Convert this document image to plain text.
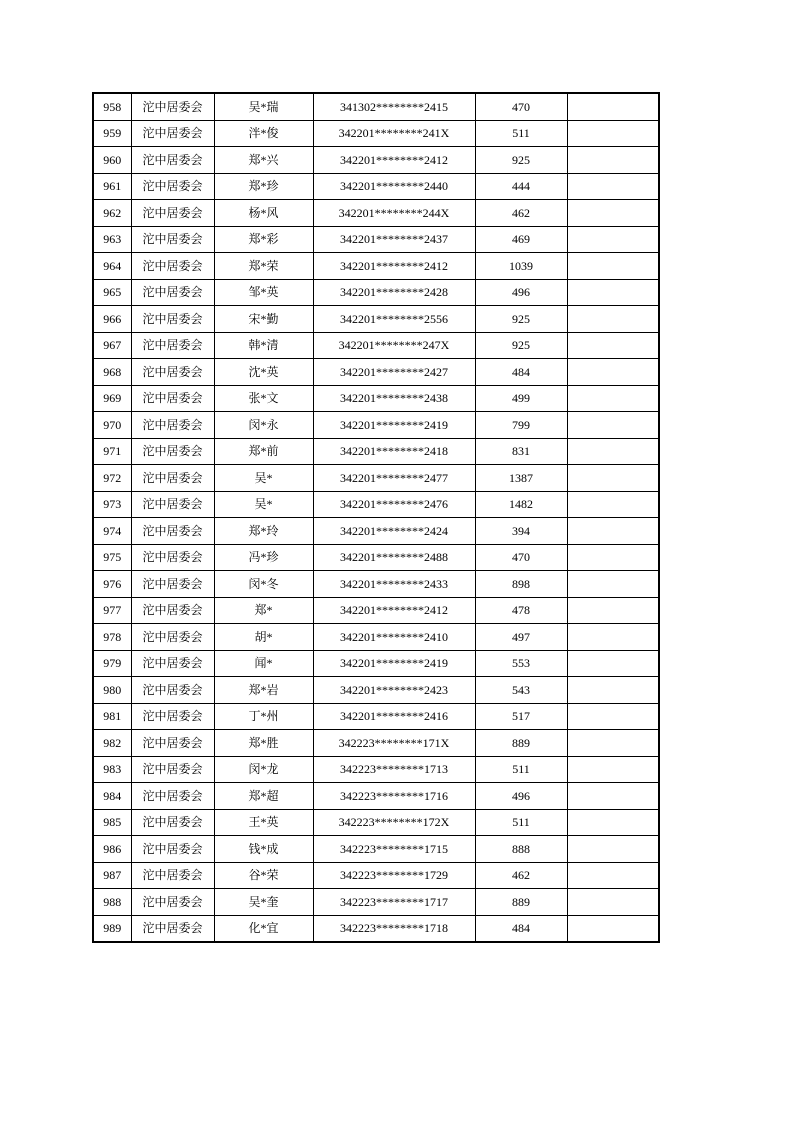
958	沱中居委会	吴*瑞	341302********2415	470	
959	沱中居委会	泮*俊	342201********241X	511	
960	沱中居委会	郑*兴	342201********2412	925	
961	沱中居委会	郑*珍	342201********2440	444	
962	沱中居委会	杨*风	342201********244X	462	
963	沱中居委会	郑*彩	342201********2437	469	
964	沱中居委会	郑*荣	342201********2412	1039	
965	沱中居委会	邹*英	342201********2428	496	
966	沱中居委会	宋*勤	342201********2556	925	
967	沱中居委会	韩*清	342201********247X	925	
968	沱中居委会	沈*英	342201********2427	484	
969	沱中居委会	张*文	342201********2438	499	
970	沱中居委会	闵*永	342201********2419	799	
971	沱中居委会	郑*前	342201********2418	831	
972	沱中居委会	吴*	342201********2477	1387	
973	沱中居委会	吴*	342201********2476	1482	
974	沱中居委会	郑*玲	342201********2424	394	
975	沱中居委会	冯*珍	342201********2488	470	
976	沱中居委会	闵*冬	342201********2433	898	
977	沱中居委会	郑*	342201********2412	478	
978	沱中居委会	胡*	342201********2410	497	
979	沱中居委会	闻*	342201********2419	553	
980	沱中居委会	郑*岩	342201********2423	543	
981	沱中居委会	丁*州	342201********2416	517	
982	沱中居委会	郑*胜	342223********171X	889	
983	沱中居委会	闵*龙	342223********1713	511	
984	沱中居委会	郑*超	342223********1716	496	
985	沱中居委会	王*英	342223********172X	511	
986	沱中居委会	钱*成	342223********1715	888	
987	沱中居委会	谷*荣	342223********1729	462	
988	沱中居委会	吴*奎	342223********1717	889	
989	沱中居委会	化*宜	342223********1718	484	
